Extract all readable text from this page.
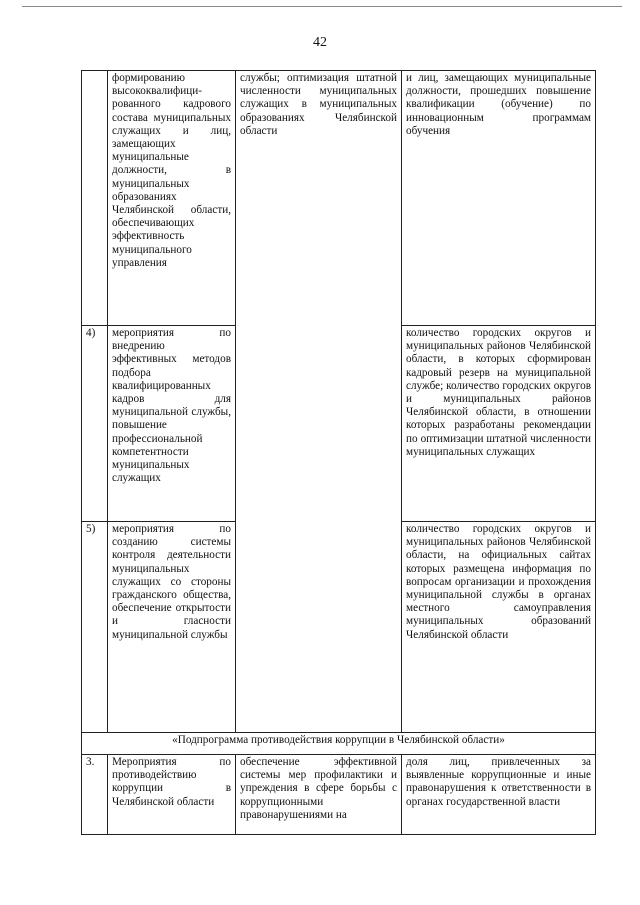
42
	формированию высококвалифици-рованного кадрового состава муниципальных служащих и лиц, замещающих муниципальные должности, в муниципальных образованиях Челябинской области, обеспечивающих эффективность муниципального управления	службы; оптимизация штатной численности муниципальных служащих в муниципальных образованиях Челябинской области	и лиц, замещающих муниципальные должности, прошедших повышение квалификации (обучение) по инновационным программам обучения
4)	мероприятия по внедрению эффективных методов подбора квалифицированных кадров для муниципальной службы, повышение профессиональной компетентности муниципальных служащих		количество городских округов и муниципальных районов Челябинской области, в которых сформирован кадровый резерв на муниципальной службе; количество городских округов и муниципальных районов Челябинской области, в отношении которых разработаны рекомендации по оптимизации штатной численности муниципальных служащих
5)	мероприятия по созданию системы контроля деятельности муниципальных служащих со стороны гражданского общества, обеспечение открытости и гласности муниципальной службы		количество городских округов и муниципальных районов Челябинской области, на официальных сайтах которых размещена информация по вопросам организации и прохождения муниципальной службы в органах местного самоуправления муниципальных образований Челябинской области
«Подпрограмма противодействия коррупции в Челябинской области»			
3.	Мероприятия по противодействию коррупции в Челябинской области	обеспечение эффективной системы мер профилактики и упреждения в сфере борьбы с коррупционными правонарушениями на	доля лиц, привлеченных за выявленные коррупционные и иные правонарушения к ответственности в органах государственной власти
